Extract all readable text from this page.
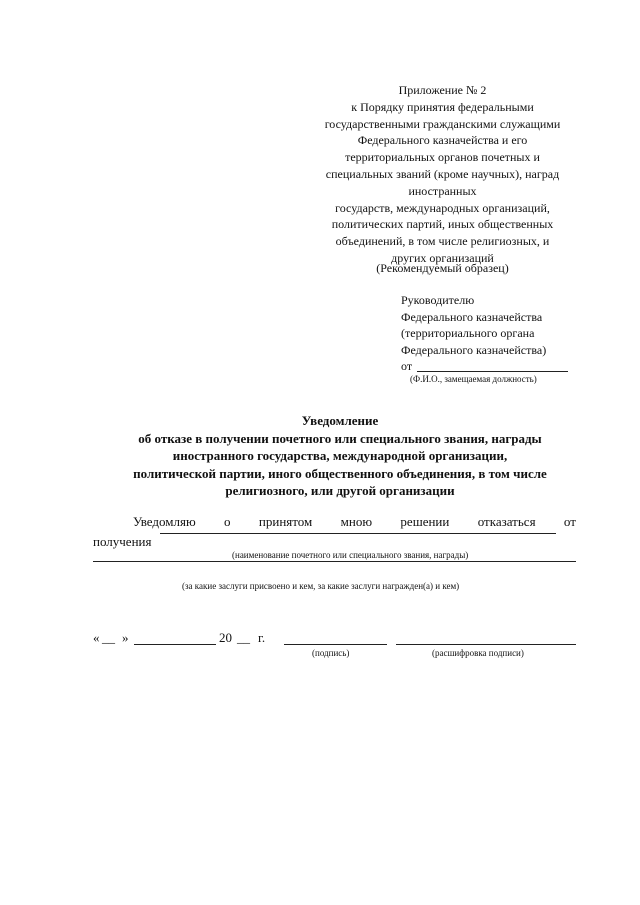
Приложение № 2
к Порядку принятия федеральными
государственными гражданскими служащими
Федерального казначейства и его
территориальных органов почетных и
специальных званий (кроме научных), наград
иностранных
государств, международных организаций,
политических партий, иных общественных
объединений, в том числе религиозных, и
других организаций
(Рекомендуемый образец)
Руководителю
Федерального казначейства
(территориального органа
Федерального казначейства)
от
(Ф.И.О., замещаемая должность)
Уведомление
об отказе в получении почетного или специального звания, награды
иностранного государства, международной организации,
политической партии, иного общественного объединения, в том числе
религиозного, или другой организации
Уведомляю о принятом мною решении отказаться от
получения
(наименование почетного или специального звания, награды)
(за какие заслуги присвоено и кем, за какие заслуги награжден(а) и кем)
« __ »	20 __ г.
(подпись)	(расшифровка подписи)
